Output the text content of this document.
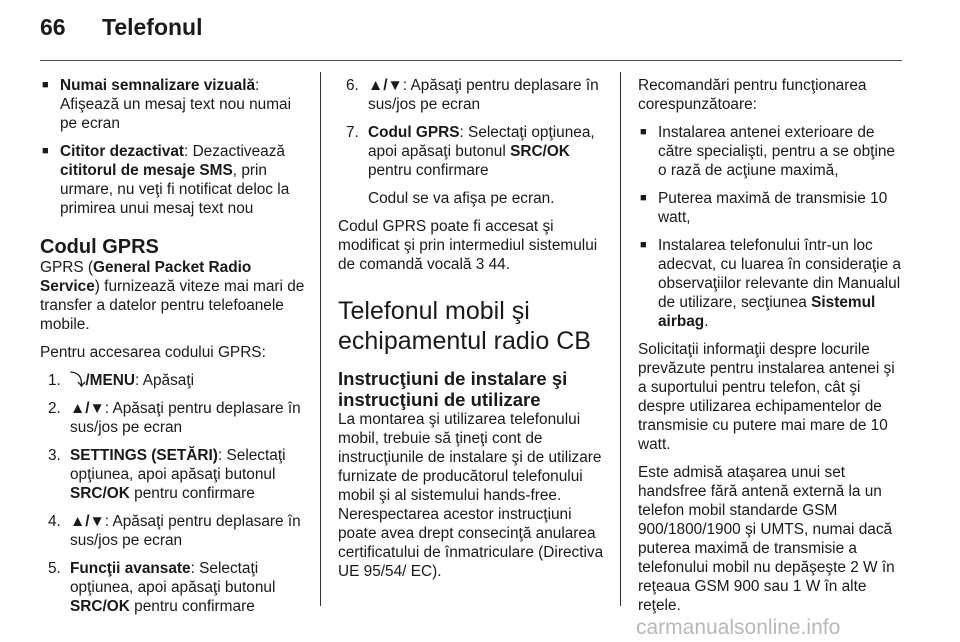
66 Telefonul
■ Numai semnalizare vizuală: Afişează un mesaj text nou numai pe ecran
■ Cititor dezactivat: Dezactivează cititorul de mesaje SMS, prin urmare, nu veţi fi notificat deloc la primirea unui mesaj text nou
Codul GPRS
GPRS (General Packet Radio Service) furnizează viteze mai mari de transfer a datelor pentru telefoanele mobile.
Pentru accesarea codului GPRS:
1. ⤵/MENU: Apăsaţi
2. ▲/▼: Apăsaţi pentru deplasare în sus/jos pe ecran
3. SETTINGS (SETĂRI): Selectaţi opţiunea, apoi apăsaţi butonul SRC/OK pentru confirmare
4. ▲/▼: Apăsaţi pentru deplasare în sus/jos pe ecran
5. Funcţii avansate: Selectaţi opţiunea, apoi apăsaţi butonul SRC/OK pentru confirmare
6. ▲/▼: Apăsaţi pentru deplasare în sus/jos pe ecran
7. Codul GPRS: Selectaţi opţiunea, apoi apăsaţi butonul SRC/OK pentru confirmare
Codul se va afişa pe ecran.
Codul GPRS poate fi accesat şi modificat şi prin intermediul sistemului de comandă vocală 3 44.
Telefonul mobil şi echipamentul radio CB
Instrucţiuni de instalare şi instrucţiuni de utilizare
La montarea şi utilizarea telefonului mobil, trebuie să ţineţi cont de instrucţiunile de instalare şi de utilizare furnizate de producătorul telefonului mobil şi al sistemului hands-free. Nerespectarea acestor instrucţiuni poate avea drept consecinţă anularea certificatului de înmatriculare (Directiva UE 95/54/ EC).
Recomandări pentru funcţionarea corespunzătoare:
■ Instalarea antenei exterioare de către specialişti, pentru a se obţine o rază de acţiune maximă,
■ Puterea maximă de transmisie 10 watt,
■ Instalarea telefonului într-un loc adecvat, cu luarea în consideraţie a observaţiilor relevante din Manualul de utilizare, secţiunea Sistemul airbag.
Solicitaţii informaţii despre locurile prevăzute pentru instalarea antenei şi a suportului pentru telefon, cât şi despre utilizarea echipamentelor de transmisie cu putere mai mare de 10 watt.
Este admisă ataşarea unui set handsfree fără antenă externă la un telefon mobil standarde GSM 900/1800/1900 şi UMTS, numai dacă puterea maximă de transmisie a telefonului mobil nu depăşeşte 2 W în reţeaua GSM 900 sau 1 W în alte reţele.
carmanualsonline.info
